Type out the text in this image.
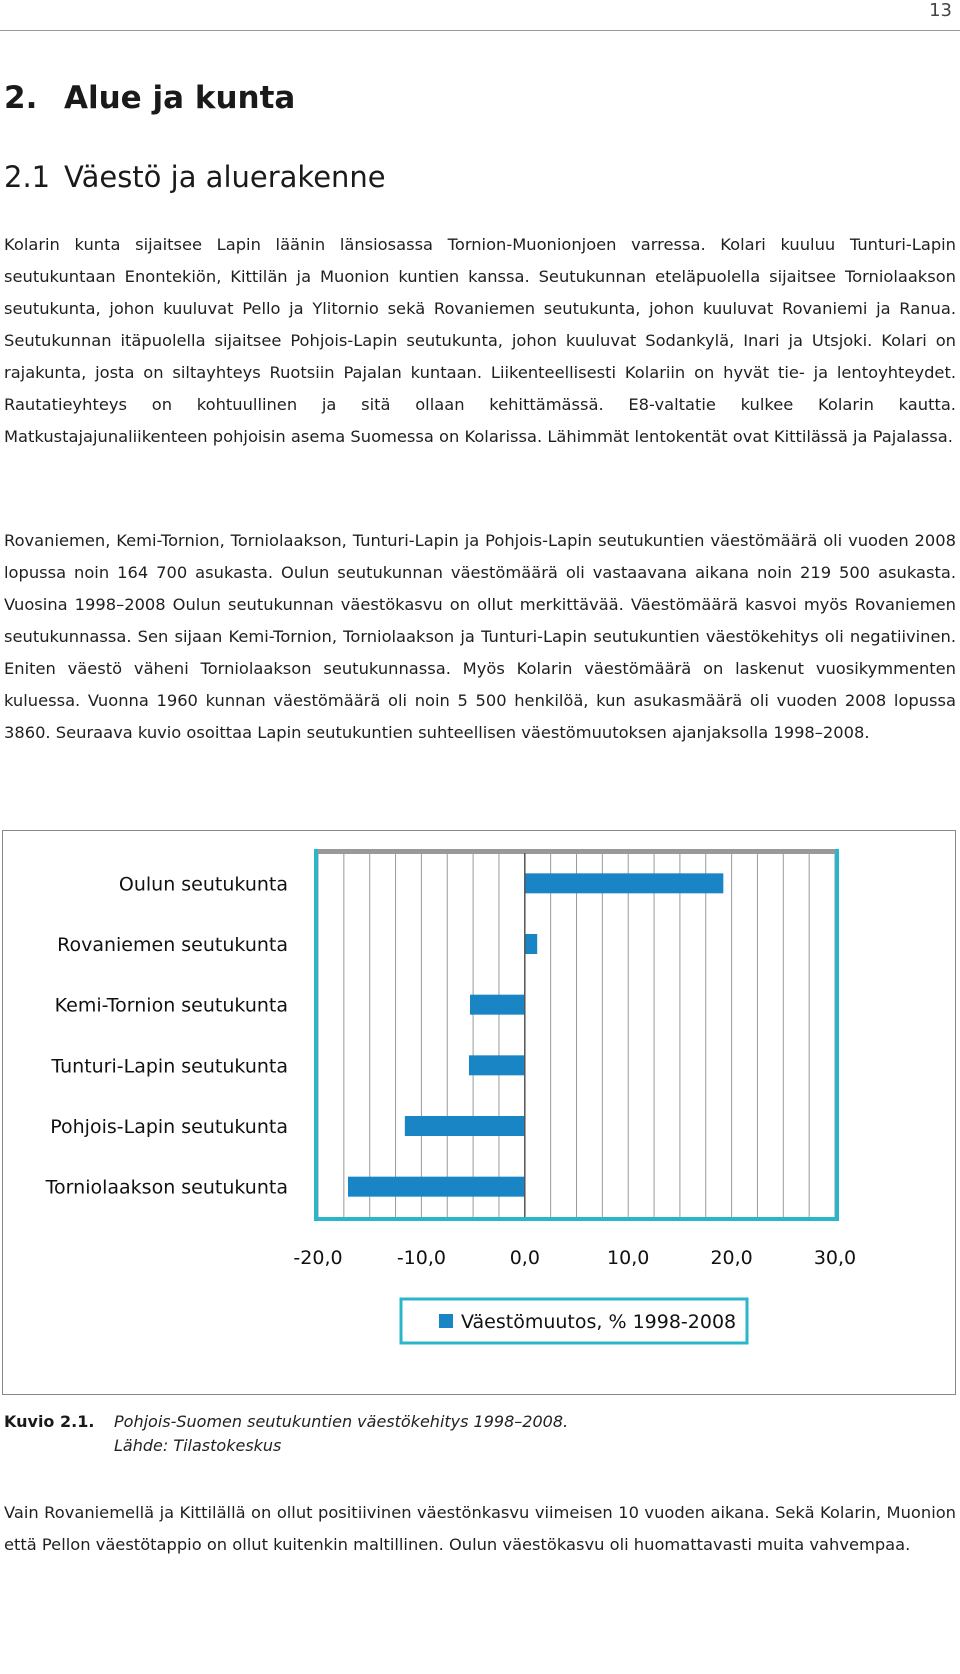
13
2. Alue ja kunta
2.1 Väestö ja aluerakenne

Kolarin kunta sijaitsee Lapin läänin länsiosassa Tornion-Muonionjoen varressa. Kolari kuuluu Tunturi-Lapin seutukuntaan Enontekiön, Kittilän ja Muonion kuntien kanssa. Seutukunnan eteläpuolella sijaitsee Torniolaakson seutukunta, johon kuuluvat Pello ja Ylitornio sekä Rovaniemen seutukunta, johon kuuluvat Rovaniemi ja Ranua. Seutukunnan itäpuolella sijaitsee Pohjois-Lapin seutukunta, johon kuuluvat Sodankylä, Inari ja Utsjoki. Kolari on rajakunta, josta on siltayhteys Ruotsiin Pajalan kuntaan. Liikenteellisesti Kolariin on hyvät tie- ja lentoyhteydet. Rautatieyhteys on kohtuullinen ja sitä ollaan kehittämässä. E8-valtatie kulkee Kolarin kautta. Matkustajajunaliikenteen pohjoisin asema Suomessa on Kolarissa. Lähimmät lentokentät ovat Kittilässä ja Pajalassa.

Rovaniemen, Kemi-Tornion, Torniolaakson, Tunturi-Lapin ja Pohjois-Lapin seutukuntien väestömäärä oli vuoden 2008 lopussa noin 164 700 asukasta. Oulun seutukunnan väestömäärä oli vastaavana aikana noin 219 500 asukasta. Vuosina 1998–2008 Oulun seutukunnan väestökasvu on ollut merkittävää. Väestömäärä kasvoi myös Rovaniemen seutukunnassa. Sen sijaan Kemi-Tornion, Torniolaakson ja Tunturi-Lapin seutukuntien väestökehitys oli negatiivinen. Eniten väestö väheni Torniolaakson seutukunnassa. Myös Kolarin väestömäärä on laskenut vuosikymmenten kuluessa. Vuonna 1960 kunnan väestömäärä oli noin 5 500 henkilöä, kun asukasmäärä oli vuoden 2008 lopussa 3860. Seuraava kuvio osoittaa Lapin seutukuntien suhteellisen väestömuutoksen ajanjaksolla 1998–2008.

Oulun seutukunta
Rovaniemen seutukunta
Kemi-Tornion seutukunta
Tunturi-Lapin seutukunta
Pohjois-Lapin seutukunta
Torniolaakson seutukunta
-20,0	-10,0	0,0	10,0	20,0	30,0
Väestömuutos, % 1998-2008
Kuvio 2.1. Pohjois-Suomen seutukuntien väestökehitys 1998–2008.
Lähde: Tilastokeskus

Vain Rovaniemellä ja Kittilällä on ollut positiivinen väestönkasvu viimeisen 10 vuoden aikana. Sekä Kolarin, Muonion että Pellon väestötappio on ollut kuitenkin maltillinen. Oulun väestökasvu oli huomattavasti muita vahvempaa.
